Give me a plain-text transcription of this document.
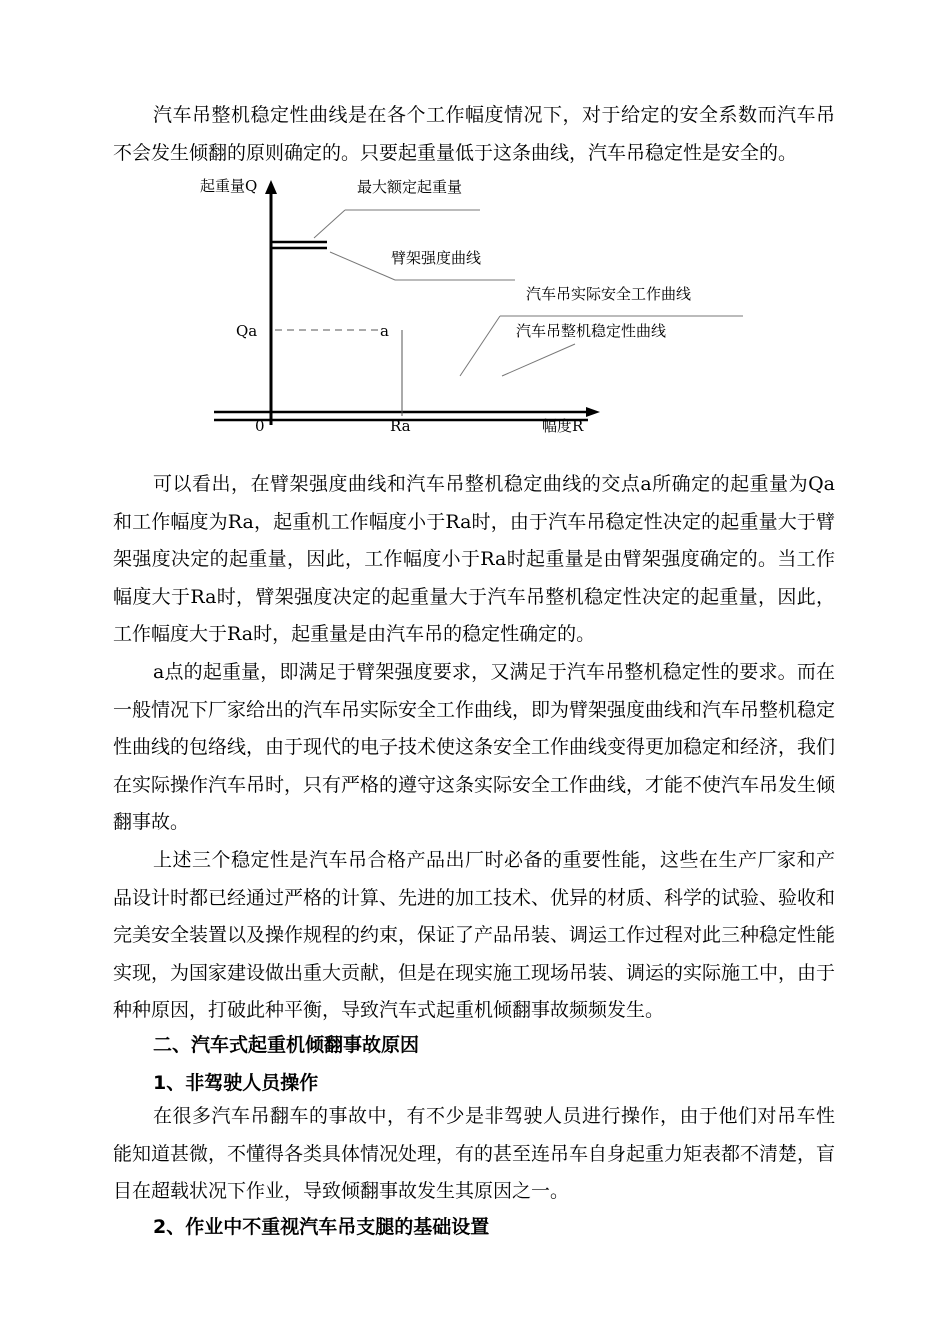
汽车吊整机稳定性曲线是在各个工作幅度情况下，对于给定的安全系数而汽车吊不会发生倾翻的原则确定的。只要起重量低于这条曲线，汽车吊稳定性是安全的。

起重量Q	最大额定起重量
臂架强度曲线
汽车吊实际安全工作曲线
Qa	a	汽车吊整机稳定性曲线
0	Ra	幅度R

可以看出，在臂架强度曲线和汽车吊整机稳定曲线的交点a所确定的起重量为Qa和工作幅度为Ra，起重机工作幅度小于Ra时，由于汽车吊稳定性决定的起重量大于臂架强度决定的起重量，因此，工作幅度小于Ra时起重量是由臂架强度确定的。当工作幅度大于Ra时，臂架强度决定的起重量大于汽车吊整机稳定性决定的起重量，因此，工作幅度大于Ra时，起重量是由汽车吊的稳定性确定的。

a点的起重量，即满足于臂架强度要求，又满足于汽车吊整机稳定性的要求。而在一般情况下厂家给出的汽车吊实际安全工作曲线，即为臂架强度曲线和汽车吊整机稳定性曲线的包络线，由于现代的电子技术使这条安全工作曲线变得更加稳定和经济，我们在实际操作汽车吊时，只有严格的遵守这条实际安全工作曲线，才能不使汽车吊发生倾翻事故。

上述三个稳定性是汽车吊合格产品出厂时必备的重要性能，这些在生产厂家和产品设计时都已经通过严格的计算、先进的加工技术、优异的材质、科学的试验、验收和完美安全装置以及操作规程的约束，保证了产品吊装、调运工作过程对此三种稳定性能实现，为国家建设做出重大贡献，但是在现实施工现场吊装、调运的实际施工中，由于种种原因，打破此种平衡，导致汽车式起重机倾翻事故频频发生。

二、汽车式起重机倾翻事故原因

1、非驾驶人员操作

在很多汽车吊翻车的事故中，有不少是非驾驶人员进行操作，由于他们对吊车性能知道甚微，不懂得各类具体情况处理，有的甚至连吊车自身起重力矩表都不清楚，盲目在超载状况下作业，导致倾翻事故发生其原因之一。

2、作业中不重视汽车吊支腿的基础设置
